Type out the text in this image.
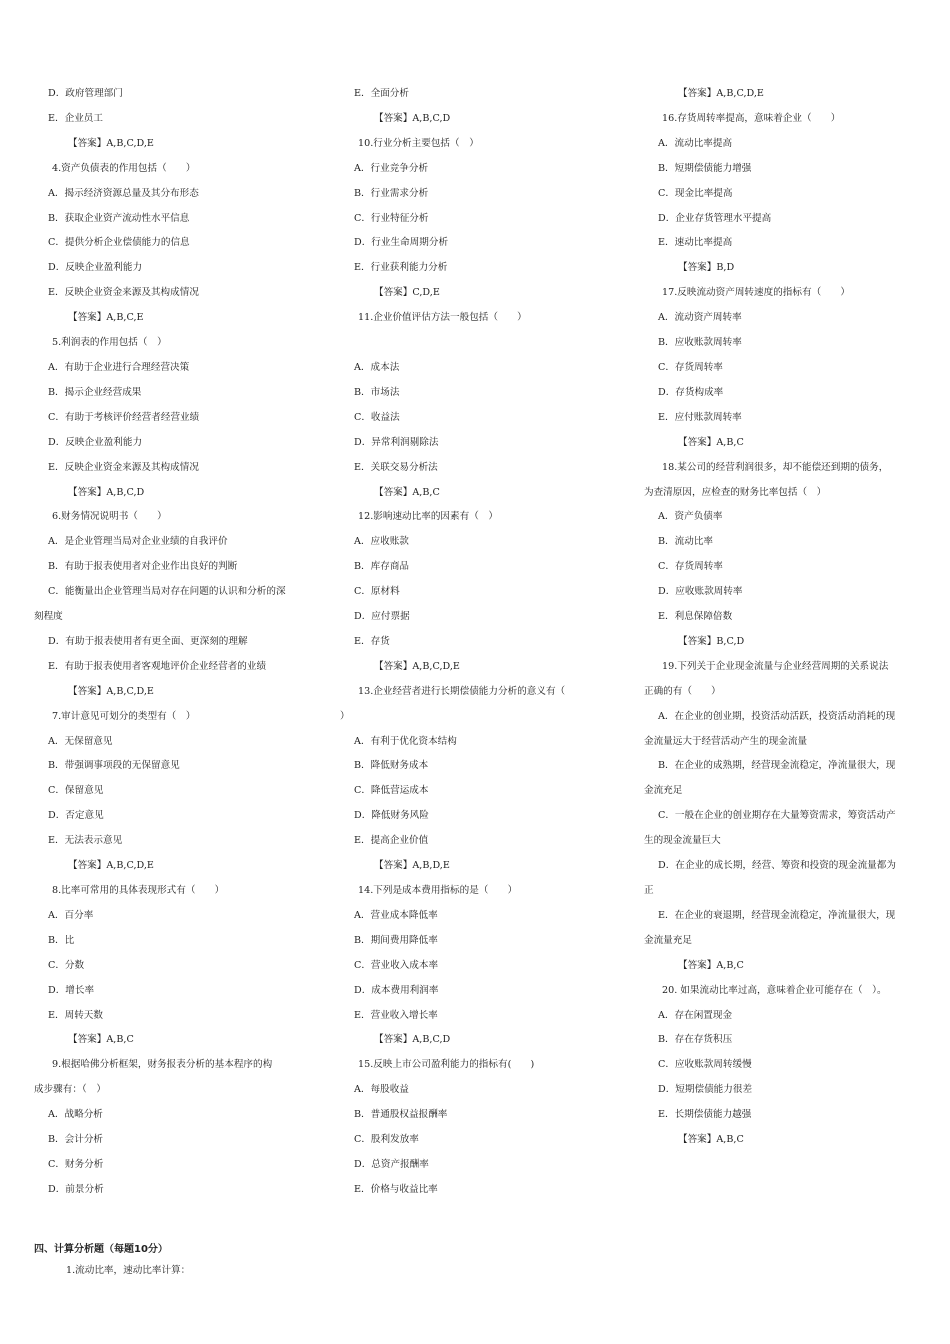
D．政府管理部门
E．企业员工
【答案】A,B,C,D,E
4.资产负债表的作用包括（　　）
A．揭示经济资源总量及其分布形态
B．获取企业资产流动性水平信息
C．提供分析企业偿债能力的信息
D．反映企业盈利能力
E．反映企业资金来源及其构成情况
【答案】A,B,C,E
5.利润表的作用包括（　）
A．有助于企业进行合理经营决策
B．揭示企业经营成果
C．有助于考核评价经营者经营业绩
D．反映企业盈利能力
E．反映企业资金来源及其构成情况
【答案】A,B,C,D
6.财务情况说明书（　　）
A．是企业管理当局对企业业绩的自我评价
B．有助于报表使用者对企业作出良好的判断
C．能衡量出企业管理当局对存在问题的认识和分析的深
刻程度
D．有助于报表使用者有更全面、更深刻的理解
E．有助于报表使用者客观地评价企业经营者的业绩
【答案】A,B,C,D,E
7.审计意见可划分的类型有（　）
A．无保留意见
B．带强调事项段的无保留意见
C．保留意见
D．否定意见
E．无法表示意见
【答案】A,B,C,D,E
8.比率可常用的具体表现形式有（　　）
A．百分率
B．比
C．分数
D．增长率
E．周转天数
【答案】A,B,C
9.根据哈佛分析框架，财务报表分析的基本程序的构
成步骤有：（　）
A．战略分析
B．会计分析
C．财务分析
D．前景分析
E．全面分析
【答案】A,B,C,D
10.行业分析主要包括（　）
A．行业竞争分析
B．行业需求分析
C．行业特征分析
D．行业生命周期分析
E．行业获利能力分析
【答案】C,D,E
11.企业价值评估方法一般包括（　　）

A．成本法
B．市场法
C．收益法
D．异常利润剔除法
E．关联交易分析法
【答案】A,B,C
12.影响速动比率的因素有（　）
A．应收账款
B．库存商品
C．原材料
D．应付票据
E．存货
【答案】A,B,C,D,E
13.企业经营者进行长期偿债能力分析的意义有（
）
A．有利于优化资本结构
B．降低财务成本
C．降低营运成本
D．降低财务风险
E．提高企业价值
【答案】A,B,D,E
14.下列是成本费用指标的是（　　）
A．营业成本降低率
B．期间费用降低率
C．营业收入成本率
D．成本费用利润率
E．营业收入增长率
【答案】A,B,C,D
15.反映上市公司盈利能力的指标有(　　)
A．每股收益
B．普通股权益报酬率
C．股利发放率
D．总资产报酬率
E．价格与收益比率
【答案】A,B,C,D,E
16.存货周转率提高，意味着企业（　　）
A．流动比率提高
B．短期偿债能力增强
C．现金比率提高
D．企业存货管理水平提高
E．速动比率提高
【答案】B,D
17.反映流动资产周转速度的指标有（　　）
A．流动资产周转率
B．应收账款周转率
C．存货周转率
D．存货构成率
E．应付账款周转率
【答案】A,B,C
18.某公司的经营利润很多，却不能偿还到期的债务，
为查清原因，应检查的财务比率包括（　）
A．资产负债率
B．流动比率
C．存货周转率
D．应收账款周转率
E．利息保障倍数
【答案】B,C,D
19.下列关于企业现金流量与企业经营周期的关系说法
正确的有（　　）
A．在企业的创业期，投资活动活跃，投资活动消耗的现
金流量远大于经营活动产生的现金流量
B．在企业的成熟期，经营现金流稳定，净流量很大，现
金流充足
C．一般在企业的创业期存在大量筹资需求，筹资活动产
生的现金流量巨大
D．在企业的成长期，经营、筹资和投资的现金流量都为
正
E．在企业的衰退期，经营现金流稳定，净流量很大，现
金流量充足
【答案】A,B,C
20. 如果流动比率过高，意味着企业可能存在（　）。
A．存在闲置现金
B．存在存货积压
C．应收账款周转缓慢
D．短期偿债能力很差
E．长期偿债能力越强
【答案】A,B,C
四、计算分析题（每题10分）
1.流动比率，速动比率计算：
